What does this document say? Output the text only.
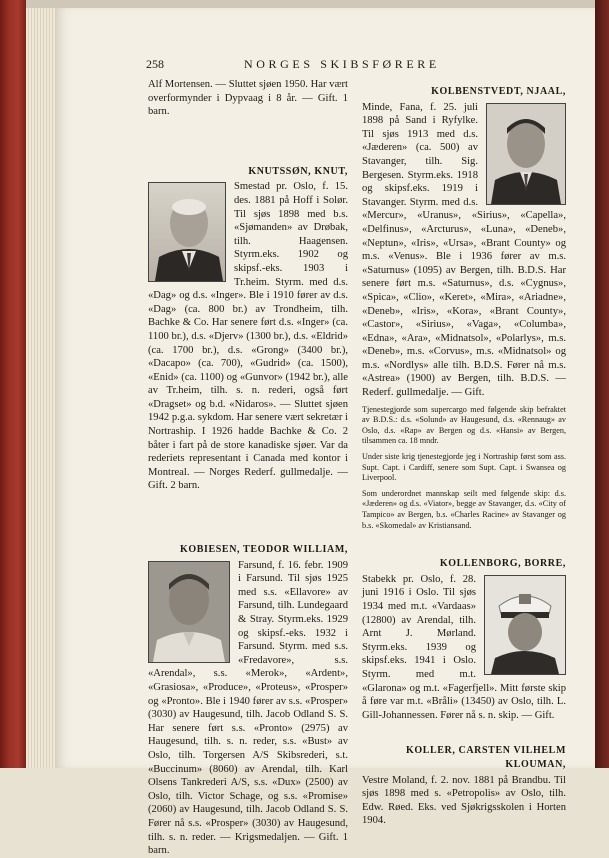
258	NORGES SKIBSFØRERE

Alf Mortensen. — Sluttet sjøen 1950. Har vært overformynder i Dypvaag i 8 år. — Gift. 1 barn.

KNUTSSØN, KNUT,

Smestad pr. Oslo, f. 15. des. 1881 på Hoff i Solør. Til sjøs 1898 med b.s. «Sjømanden» av Drøbak, tilh. Haagensen. Styrm.eks. 1902 og skipsf.-eks. 1903 i Tr.heim. Styrm. med d.s. «Dag» og d.s. «Inger». Ble i 1910 fører av d.s. «Dag» (ca. 800 br.) av Trondheim, tilh. Bachke & Co. Har senere ført d.s. «Inger» (ca. 1100 br.), d.s. «Djerv» (1300 br.), d.s. «Eldrid» (ca. 1700 br.), d.s. «Grong» (3400 br.), «Dacapo» (ca. 700), «Gudrid» (ca. 1500), «Enid» (ca. 1100) og «Gunvor» (1942 br.), alle av Tr.heim, tilh. s. n. rederi, også ført «Dragset» og b.d. «Nidaros». — Sluttet sjøen 1942 p.g.a. sykdom. Har senere vært sekretær i Nortraship. I 1926 hadde Bachke & Co. 2 båter i fart på de store kanadiske sjøer. Var da rederiets representant i Canada med kontor i Montreal. — Norges Rederf. gullmedalje. — Gift. 2 barn.

KOBIESEN, TEODOR WILLIAM,

Farsund, f. 16. febr. 1909 i Farsund. Til sjøs 1925 med s.s. «Ellavore» av Farsund, tilh. Lundegaard & Stray. Styrm.eks. 1929 og skipsf.-eks. 1932 i Farsund. Styrm. med s.s. «Fredavore», s.s. «Arendal», s.s. «Merok», «Ardent», «Grasiosa», «Produce», «Proteus», «Prosper» og «Pronto». Ble i 1940 fører av s.s. «Prosper» (3030) av Haugesund, tilh. Jacob Odland S. S. Har senere ført s.s. «Pronto» (2975) av Haugesund, tilh. s. n. reder, s.s. «Bust» av Oslo, tilh. Torgersen A/S Skibsrederi, s.t. «Buccinum» (8060) av Arendal, tilh. Karl Olsens Tankrederi A/S, s.s. «Dux» (2500) av Oslo, tilh. Victor Schage, og s.s. «Promise» (2060) av Haugesund, tilh. Jacob Odland S. S. Fører nå s.s. «Prosper» (3030) av Haugesund, tilh. s. n. reder. — Krigsmedaljen. — Gift. 1 barn.

KOLBENSTVEDT, NJAAL,

Minde, Fana, f. 25. juli 1898 på Sand i Ryfylke. Til sjøs 1913 med d.s. «Jæderen» (ca. 500) av Stavanger, tilh. Sig. Bergesen. Styrm.eks. 1918 og skipsf.eks. 1919 i Stavanger. Styrm. med d.s. «Mercur», «Uranus», «Sirius», «Capella», «Delfinus», «Arcturus», «Luna», «Deneb», «Neptun», «Iris», «Ursa», «Brant County» og m.s. «Venus». Ble i 1936 fører av m.s. «Saturnus» (1095) av Bergen, tilh. B.D.S. Har senere ført m.s. «Saturnus», d.s. «Cygnus», «Spica», «Clio», «Keret», «Mira», «Ariadne», «Deneb», «Iris», «Kora», «Brant County», «Castor», «Sirius», «Vaga», «Columba», «Edna», «Ara», «Midnatsol», «Polarlys», m.s. «Deneb», m.s. «Corvus», m.s. «Midnatsol» og m.s. «Nordlys» alle tilh. B.D.S. Fører nå m.s. «Astrea» (1900) av Bergen, tilh. B.D.S. — Rederf. gullmedalje. — Gift.

Tjenestegjorde som supercargo med følgende skip befraktet av B.D.S.: d.s. «Solund» av Haugesund, d.s. «Rennaug» av Oslo, d.s. «Rap» av Bergen og d.s. «Hansi» av Bergen, tilsammen ca. 18 mndr.

Under siste krig tjenestegjorde jeg i Nortraship først som ass. Supt. Capt. i Cardiff, senere som Supt. Capt. i Swansea og Liverpool.

Som underordnet mannskap seilt med følgende skip: d.s. «Jæderen» og d.s. «Viator», begge av Stavanger, d.s. «City of Tampico» av Bergen, b.s. «Charles Racine» av Stavanger og b.s. «Skomedal» av Kristiansand.

KOLLENBORG, BORRE,

Stabekk pr. Oslo, f. 28. juni 1916 i Oslo. Til sjøs 1934 med m.t. «Vardaas» (12800) av Arendal, tilh. Arnt J. Mørland. Styrm.eks. 1939 og skipsf.eks. 1941 i Oslo. Styrm. med m.t. «Glarona» og m.t. «Fagerfjell». Mitt første skip å føre var m.t. «Bråli» (13450) av Oslo, tilh. L. Gill-Johannessen. Fører nå s. n. skip. — Gift.

KOLLER, CARSTEN VILHELM KLOUMAN,

Vestre Moland, f. 2. nov. 1881 på Brandbu. Til sjøs 1898 med s. «Petropolis» av Oslo, tilh. Edw. Røed. Eks. ved Sjøkrigsskolen i Horten 1904.
